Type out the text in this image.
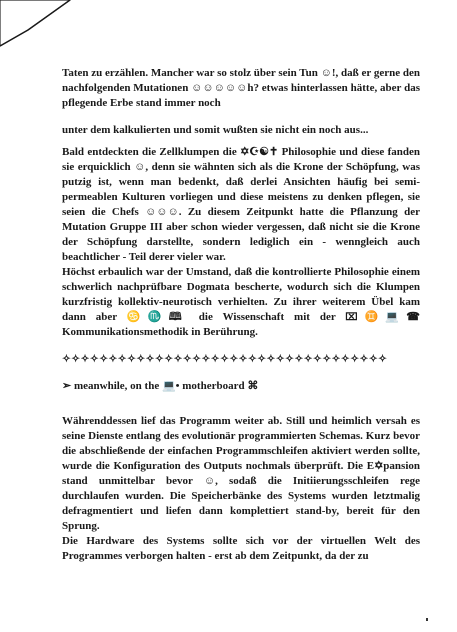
Taten zu erzählen. Mancher war so stolz über sein Tun ☺!, daß er gerne den nachfolgenden Mutationen ☺☺☺☺☺h? etwas hinterlassen hätte, aber das pflegende Erbe stand immer noch

unter dem kalkulierten und somit wußten sie nicht ein noch aus...

Bald entdeckten die Zellklumpen die ✡☪☯✝ Philosophie und diese fanden sie erquicklich ☺, denn sie wähnten sich als die Krone der Schöpfung, was putzig ist, wenn man bedenkt, daß derlei Ansichten häufig bei semi-permeablen Kulturen vorliegen und diese meistens zu denken pflegen, sie seien die Chefs ☺☺☺. Zu diesem Zeitpunkt hatte die Pflanzung der Mutation Gruppe III aber schon wieder vergessen, daß nicht sie die Krone der Schöpfung darstellte, sondern lediglich ein - wenngleich auch beachtlicher - Teil derer vieler war.

Höchst erbaulich war der Umstand, daß die kontrollierte Philosophie einem schwerlich nachprüfbare Dogmata bescherte, wodurch sich die Klumpen kurzfristig kollektiv-neurotisch verhielten. Zu ihrer weiterem Übel kam dann aber ♋♏🕮 die Wissenschaft mit der ⌧♊💻☎ Kommunikationsmethodik in Berührung.

✧✧✧✧✧✧✧✧✧✧✧✧✧✧✧✧✧✧✧✧✧✧✧✧✧✧✧✧✧✧✧✧✧✧✧

➢ meanwhile, on the 💻• motherboard ⌘

Währenddessen lief das Programm weiter ab. Still und heimlich versah es seine Dienste entlang des evolutionär programmierten Schemas. Kurz bevor die abschließende der einfachen Programmschleifen aktiviert werden sollte, wurde die Konfiguration des Outputs nochmals überprüft. Die E✡pansion stand unmittelbar bevor ☺, sodaß die Initiierungsschleifen rege durchlaufen wurden. Die Speicherbänke des Systems wurden letztmalig defragmentiert und liefen dann komplettiert stand-by, bereit für den Sprung.

Die Hardware des Systems sollte sich vor der virtuellen Welt des Programmes verborgen halten - erst ab dem Zeitpunkt, da der zu
